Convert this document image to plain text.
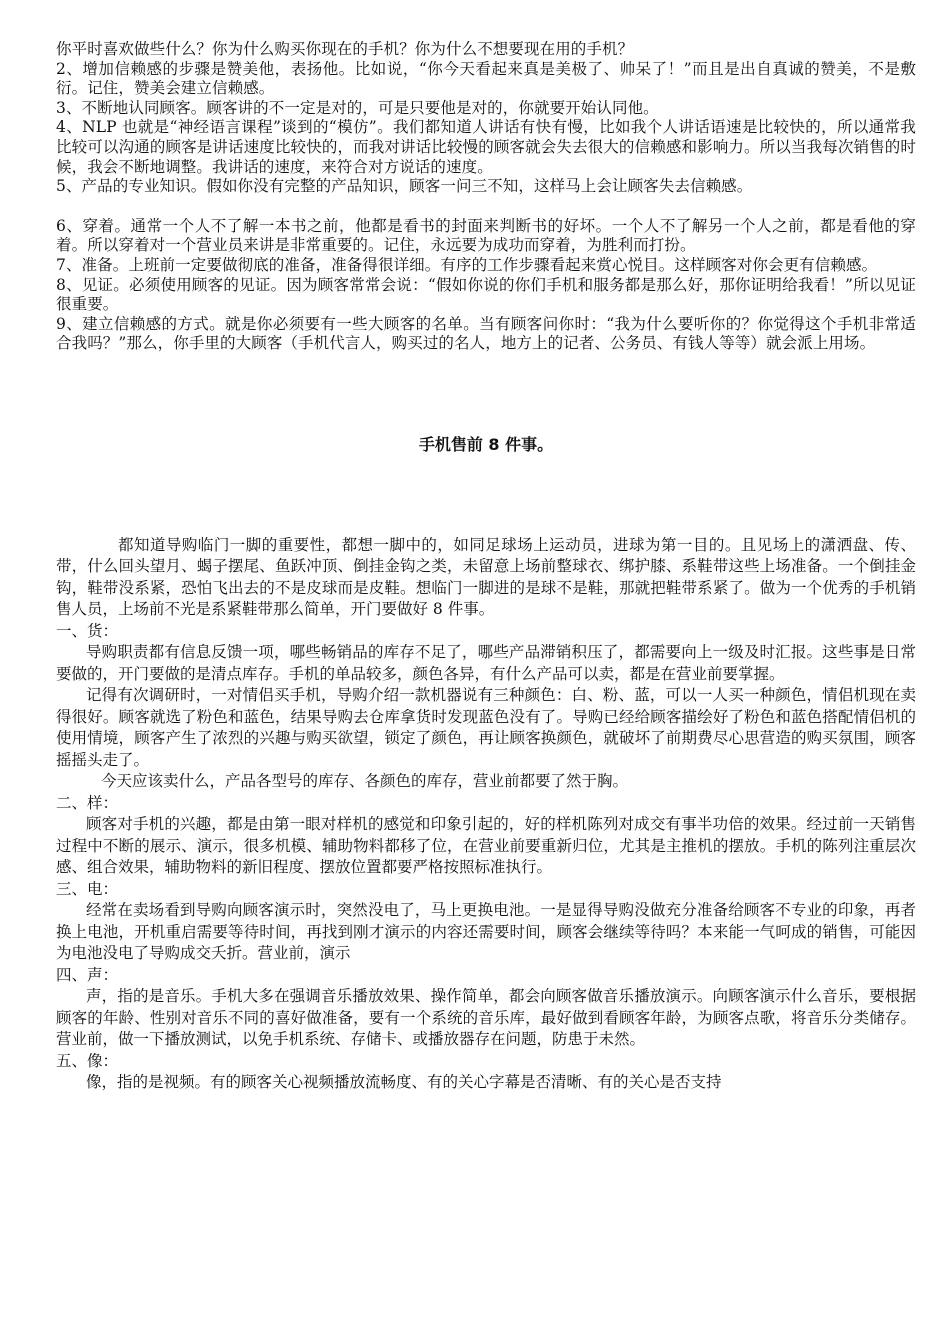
你平时喜欢做些什么？你为什么购买你现在的手机？你为什么不想要现在用的手机？

2、增加信赖感的步骤是赞美他，表扬他。比如说，“你今天看起来真是美极了、帅呆了！”而且是出自真诚的赞美，不是敷衍。记住，赞美会建立信赖感。

3、不断地认同顾客。顾客讲的不一定是对的，可是只要他是对的，你就要开始认同他。

4、NLP 也就是“神经语言课程”谈到的“模仿”。我们都知道人讲话有快有慢，比如我个人讲话语速是比较快的，所以通常我比较可以沟通的顾客是讲话速度比较快的，而我对讲话比较慢的顾客就会失去很大的信赖感和影响力。所以当我每次销售的时候，我会不断地调整。我讲话的速度，来符合对方说话的速度。

5、产品的专业知识。假如你没有完整的产品知识，顾客一问三不知，这样马上会让顾客失去信赖感。

6、穿着。通常一个人不了解一本书之前，他都是看书的封面来判断书的好坏。一个人不了解另一个人之前，都是看他的穿着。所以穿着对一个营业员来讲是非常重要的。记住，永远要为成功而穿着，为胜利而打扮。

7、准备。上班前一定要做彻底的准备，准备得很详细。有序的工作步骤看起来赏心悦目。这样顾客对你会更有信赖感。

8、见证。必须使用顾客的见证。因为顾客常常会说：“假如你说的你们手机和服务都是那么好，那你证明给我看！”所以见证很重要。

9、建立信赖感的方式。就是你必须要有一些大顾客的名单。当有顾客问你时：“我为什么要听你的？你觉得这个手机非常适合我吗？”那么，你手里的大顾客（手机代言人，购买过的名人，地方上的记者、公务员、有钱人等等）就会派上用场。

手机售前 8 件事。

都知道导购临门一脚的重要性，都想一脚中的，如同足球场上运动员，进球为第一目的。且见场上的潇洒盘、传、带，什么回头望月、蝎子摆尾、鱼跃冲顶、倒挂金钩之类，未留意上场前整球衣、绑护膝、系鞋带这些上场准备。一个倒挂金钩，鞋带没系紧，恐怕飞出去的不是皮球而是皮鞋。想临门一脚进的是球不是鞋，那就把鞋带系紧了。做为一个优秀的手机销售人员，上场前不光是系紧鞋带那么简单，开门要做好 8 件事。

一、货：

导购职责都有信息反馈一项，哪些畅销品的库存不足了，哪些产品滞销积压了，都需要向上一级及时汇报。这些事是日常要做的，开门要做的是清点库存。手机的单品较多，颜色各异，有什么产品可以卖，都是在营业前要掌握。

记得有次调研时，一对情侣买手机，导购介绍一款机器说有三种颜色：白、粉、蓝，可以一人买一种颜色，情侣机现在卖得很好。顾客就选了粉色和蓝色，结果导购去仓库拿货时发现蓝色没有了。导购已经给顾客描绘好了粉色和蓝色搭配情侣机的使用情境，顾客产生了浓烈的兴趣与购买欲望，锁定了颜色，再让顾客换颜色，就破坏了前期费尽心思营造的购买氛围，顾客摇摇头走了。

今天应该卖什么，产品各型号的库存、各颜色的库存，营业前都要了然于胸。

二、样：

顾客对手机的兴趣，都是由第一眼对样机的感觉和印象引起的，好的样机陈列对成交有事半功倍的效果。经过前一天销售过程中不断的展示、演示，很多机模、辅助物料都移了位，在营业前要重新归位，尤其是主推机的摆放。手机的陈列注重层次感、组合效果，辅助物料的新旧程度、摆放位置都要严格按照标准执行。

三、电：

经常在卖场看到导购向顾客演示时，突然没电了，马上更换电池。一是显得导购没做充分准备给顾客不专业的印象，再者换上电池，开机重启需要等待时间，再找到刚才演示的内容还需要时间，顾客会继续等待吗？本来能一气呵成的销售，可能因为电池没电了导购成交夭折。营业前，演示

四、声：

声，指的是音乐。手机大多在强调音乐播放效果、操作简单，都会向顾客做音乐播放演示。向顾客演示什么音乐，要根据顾客的年龄、性别对音乐不同的喜好做准备，要有一个系统的音乐库，最好做到看顾客年龄，为顾客点歌，将音乐分类储存。营业前，做一下播放测试，以免手机系统、存储卡、或播放器存在问题，防患于未然。

五、像：

像，指的是视频。有的顾客关心视频播放流畅度、有的关心字幕是否清晰、有的关心是否支持
